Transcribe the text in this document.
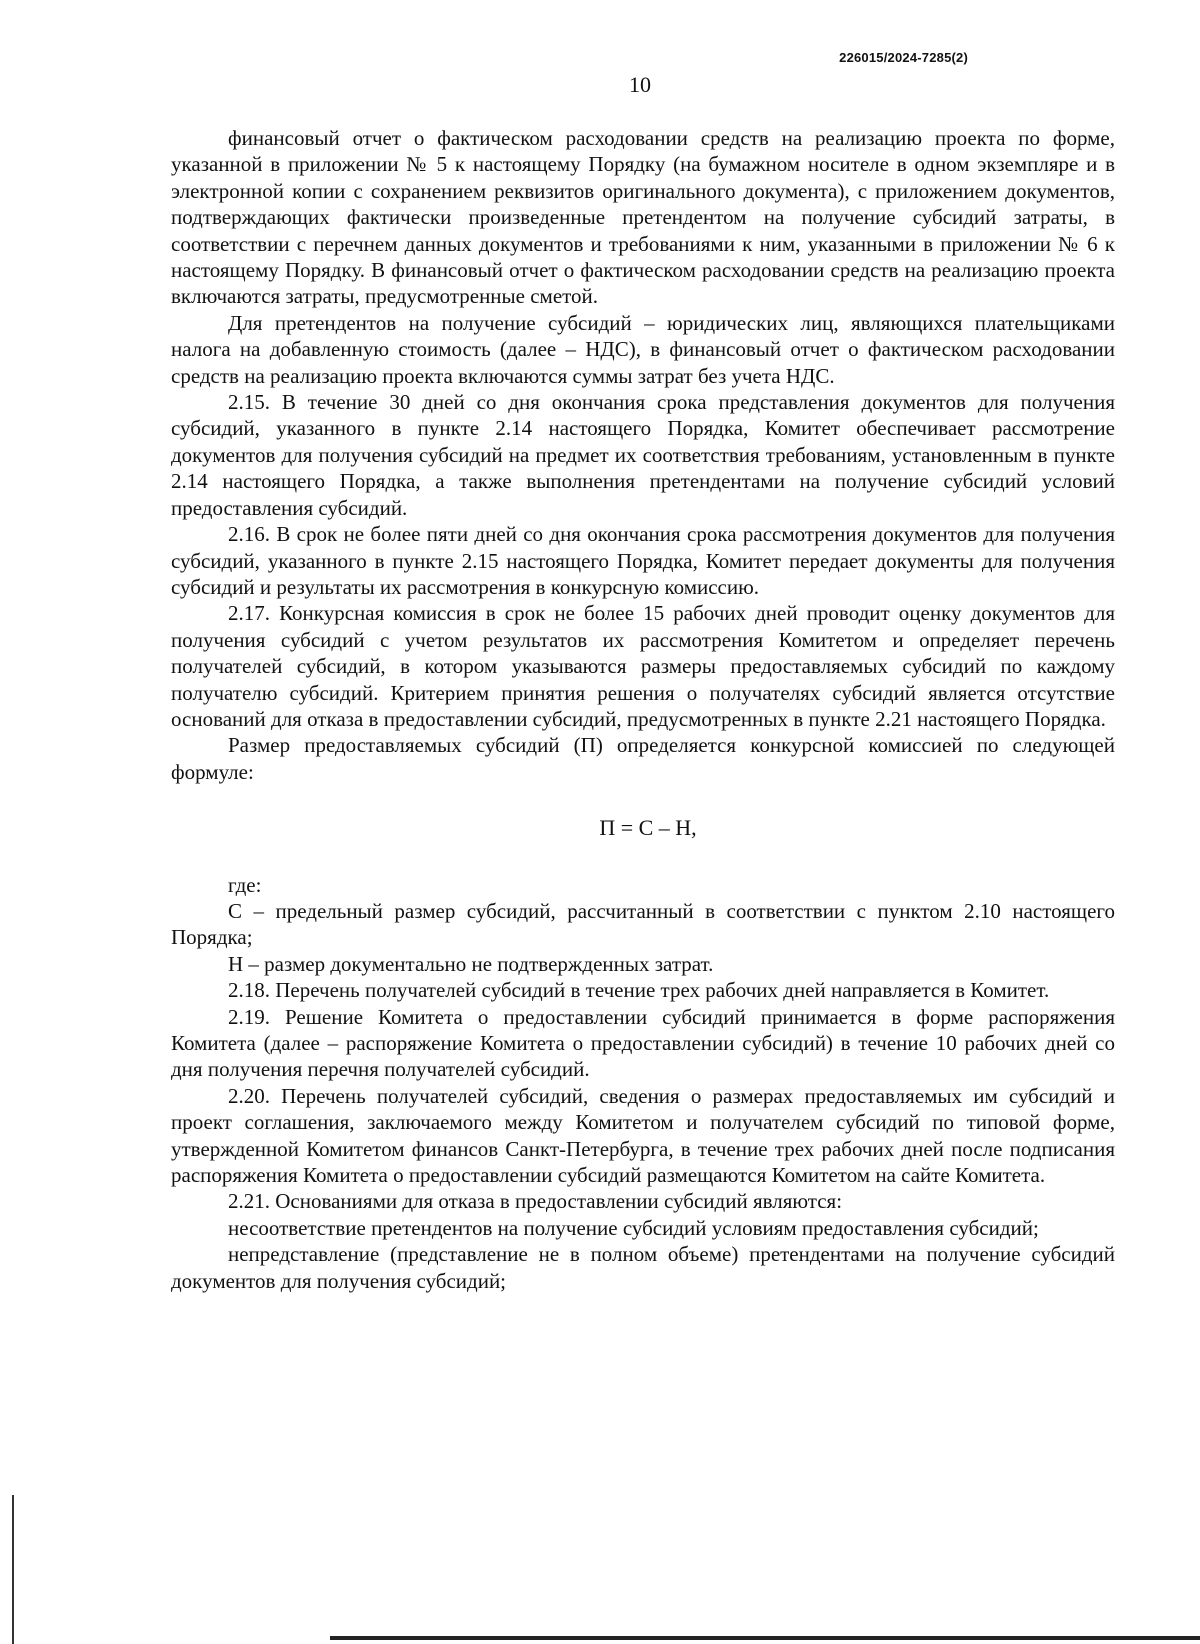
226015/2024-7285(2)
10

финансовый отчет о фактическом расходовании средств на реализацию проекта по форме, указанной в приложении № 5 к настоящему Порядку (на бумажном носителе в одном экземпляре и в электронной копии с сохранением реквизитов оригинального документа), с приложением документов, подтверждающих фактически произведенные претендентом на получение субсидий затраты, в соответствии с перечнем данных документов и требованиями к ним, указанными в приложении № 6 к настоящему Порядку. В финансовый отчет о фактическом расходовании средств на реализацию проекта включаются затраты, предусмотренные сметой.

Для претендентов на получение субсидий – юридических лиц, являющихся плательщиками налога на добавленную стоимость (далее – НДС), в финансовый отчет о фактическом расходовании средств на реализацию проекта включаются суммы затрат без учета НДС.

2.15. В течение 30 дней со дня окончания срока представления документов для получения субсидий, указанного в пункте 2.14 настоящего Порядка, Комитет обеспечивает рассмотрение документов для получения субсидий на предмет их соответствия требованиям, установленным в пункте 2.14 настоящего Порядка, а также выполнения претендентами на получение субсидий условий предоставления субсидий.

2.16. В срок не более пяти дней со дня окончания срока рассмотрения документов для получения субсидий, указанного в пункте 2.15 настоящего Порядка, Комитет передает документы для получения субсидий и результаты их рассмотрения в конкурсную комиссию.

2.17. Конкурсная комиссия в срок не более 15 рабочих дней проводит оценку документов для получения субсидий с учетом результатов их рассмотрения Комитетом и определяет перечень получателей субсидий, в котором указываются размеры предоставляемых субсидий по каждому получателю субсидий. Критерием принятия решения о получателях субсидий является отсутствие оснований для отказа в предоставлении субсидий, предусмотренных в пункте 2.21 настоящего Порядка.

Размер предоставляемых субсидий (П) определяется конкурсной комиссией по следующей формуле:

П = С – Н,

где:

С – предельный размер субсидий, рассчитанный в соответствии с пунктом 2.10 настоящего Порядка;

Н – размер документально не подтвержденных затрат.

2.18. Перечень получателей субсидий в течение трех рабочих дней направляется в Комитет.

2.19. Решение Комитета о предоставлении субсидий принимается в форме распоряжения Комитета (далее – распоряжение Комитета о предоставлении субсидий) в течение 10 рабочих дней со дня получения перечня получателей субсидий.

2.20. Перечень получателей субсидий, сведения о размерах предоставляемых им субсидий и проект соглашения, заключаемого между Комитетом и получателем субсидий по типовой форме, утвержденной Комитетом финансов Санкт-Петербурга, в течение трех рабочих дней после подписания распоряжения Комитета о предоставлении субсидий размещаются Комитетом на сайте Комитета.

2.21. Основаниями для отказа в предоставлении субсидий являются:

несоответствие претендентов на получение субсидий условиям предоставления субсидий;

непредставление (представление не в полном объеме) претендентами на получение субсидий документов для получения субсидий;
